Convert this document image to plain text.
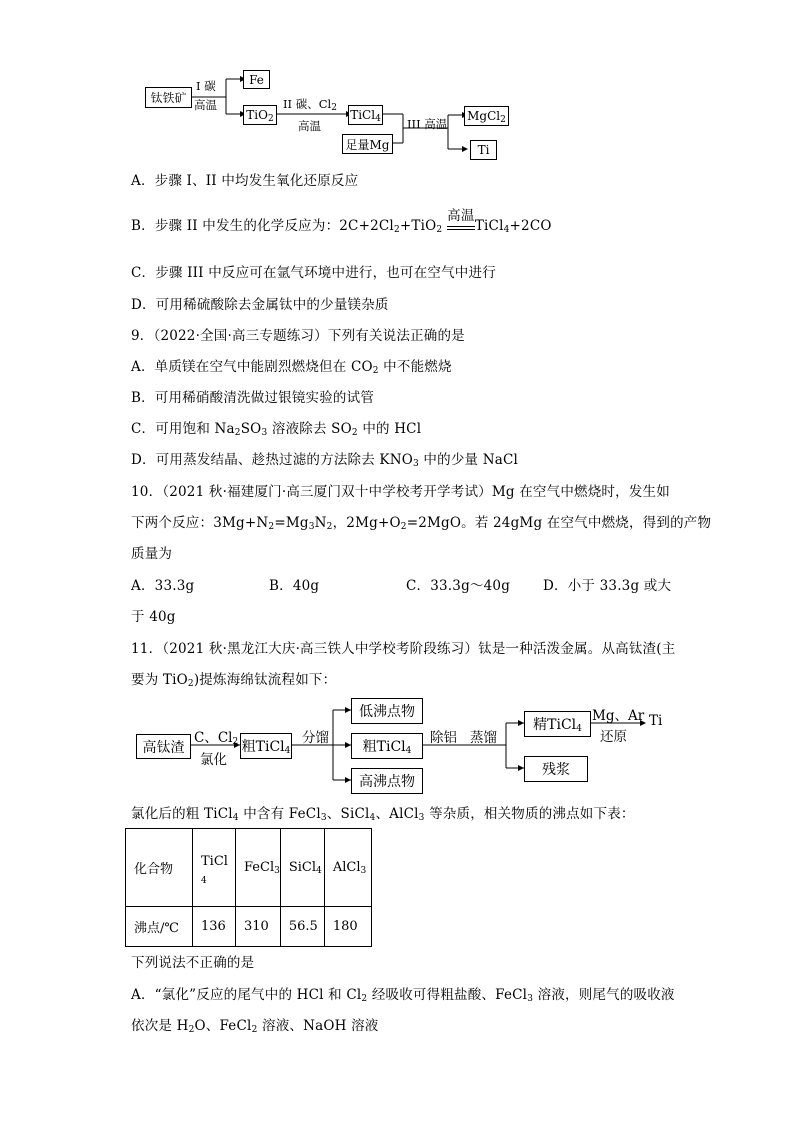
钛铁矿
I 碳
高温
Fe
TiO$_2$
II 碳、$Cl_2$
高温
TiCl$_4$
足量Mg
III 高温
MgCl$_2$
Ti
A．步骤 I、II 中均发生氧化还原反应
B．步骤 II 中发生的化学反应为：$2C+2Cl_2+TiO_2$
高温
TiCl$_4$+2CO
C．步骤 III 中反应可在氩气环境中进行，也可在空气中进行
D．可用稀硫酸除去金属钛中的少量镁杂质
9．（2022·全国·高三专题练习）下列有关说法正确的是
A．单质镁在空气中能剧烈燃烧但在 $CO_2$ 中不能燃烧
B．可用稀硝酸清洗做过银镜实验的试管
C．可用饱和 $Na_2SO_3$ 溶液除去 $SO_2$ 中的 HCl
D．可用蒸发结晶、趁热过滤的方法除去 $KNO_3$ 中的少量 NaCl
10．（2021 秋·福建厦门·高三厦门双十中学校考开学考试）Mg 在空气中燃烧时，发生如
下两个反应：$3Mg+N_2=Mg_3N_2$，$2Mg+O_2=2MgO$。若 24gMg 在空气中燃烧，得到的产物
质量为
A．33.3g	B．40g	C．33.3g～40g D．小于 33.3g 或大
于 40g
11．（2021 秋·黑龙江大庆·高三铁人中学校考阶段练习）钛是一种活泼金属。从高钛渣(主
要为 TiO$_2$)提炼海绵钛流程如下：
高钛渣
C、$Cl_2$
氯化
粗TiCl$_4$
分馏
低沸点物
粗TiCl$_4$
高沸点物
除铝 蒸馏
精TiCl$_4$
残浆
Mg、Ar
还原
Ti
氯化后的粗 TiCl$_4$ 中含有 FeCl$_3$、SiCl$_4$、AlCl$_3$ 等杂质，相关物质的沸点如下表：
化合物	TiCl
4	FeCl$_3$	SiCl$_4$	AlCl$_3$
沸点/℃	136	310	56.5	180
下列说法不正确的是
A．“氯化”反应的尾气中的 HCl 和 $Cl_2$ 经吸收可得粗盐酸、FeCl$_3$ 溶液，则尾气的吸收液
依次是 $H_2O$、FeCl$_2$ 溶液、NaOH 溶液
